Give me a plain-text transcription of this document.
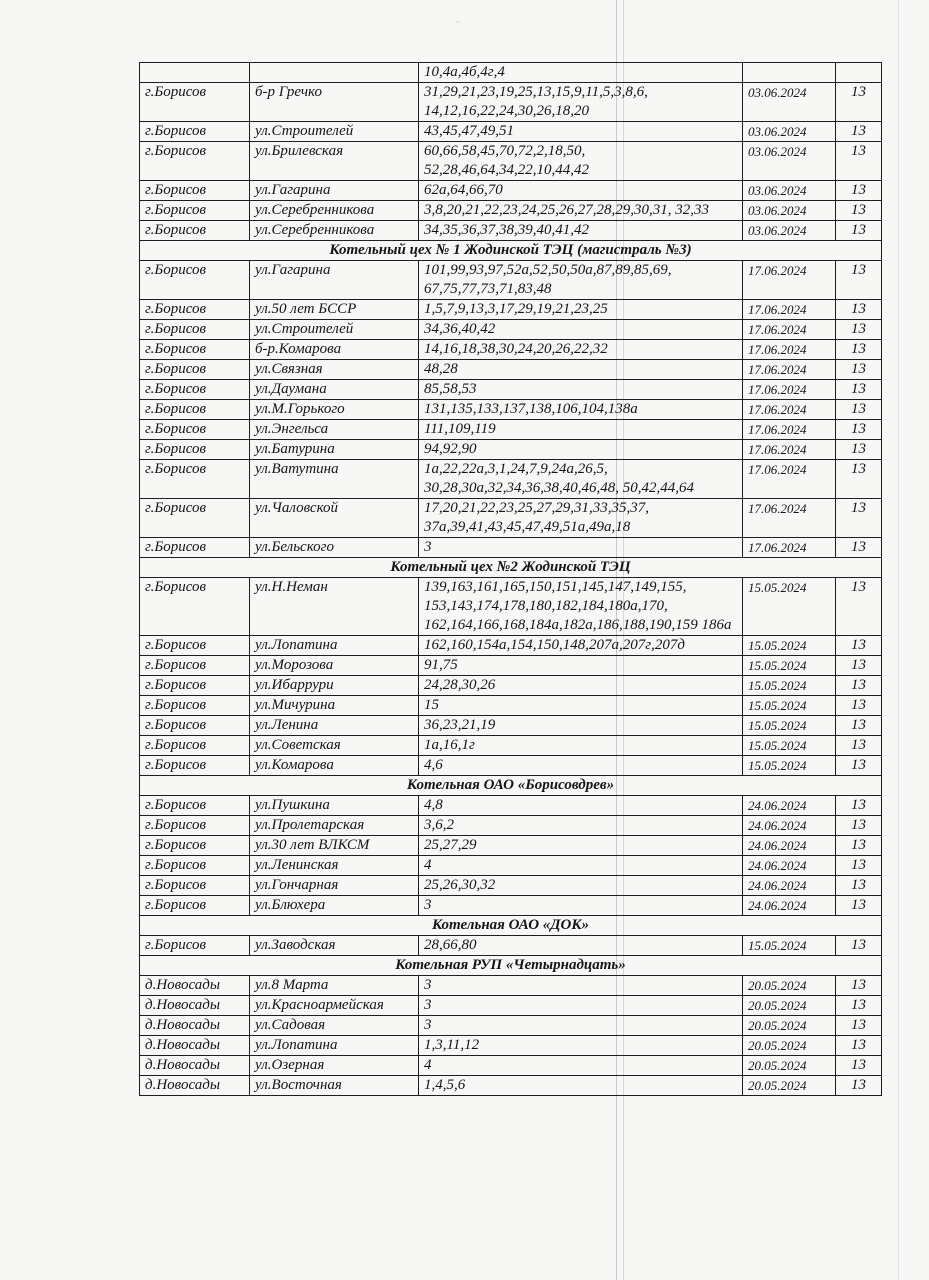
··
		10,4а,4б,4г,4		
г.Борисов	б-р Гречко	31,29,21,23,19,25,13,15,9,11,5,3,8,6, 14,12,16,22,24,30,26,18,20	03.06.2024	13
г.Борисов	ул.Строителей	43,45,47,49,51	03.06.2024	13
г.Борисов	ул.Брилевская	60,66,58,45,70,72,2,18,50, 52,28,46,64,34,22,10,44,42	03.06.2024	13
г.Борисов	ул.Гагарина	62а,64,66,70	03.06.2024	13
г.Борисов	ул.Серебренникова	3,8,20,21,22,23,24,25,26,27,28,29,30,31, 32,33	03.06.2024	13
г.Борисов	ул.Серебренникова	34,35,36,37,38,39,40,41,42	03.06.2024	13
Котельный цех № 1 Жодинской ТЭЦ (магистраль №3)				
г.Борисов	ул.Гагарина	101,99,93,97,52а,52,50,50а,87,89,85,69, 67,75,77,73,71,83,48	17.06.2024	13
г.Борисов	ул.50 лет БССР	1,5,7,9,13,3,17,29,19,21,23,25	17.06.2024	13
г.Борисов	ул.Строителей	34,36,40,42	17.06.2024	13
г.Борисов	б-р.Комарова	14,16,18,38,30,24,20,26,22,32	17.06.2024	13
г.Борисов	ул.Связная	48,28	17.06.2024	13
г.Борисов	ул.Даумана	85,58,53	17.06.2024	13
г.Борисов	ул.М.Горького	131,135,133,137,138,106,104,138а	17.06.2024	13
г.Борисов	ул.Энгельса	111,109,119	17.06.2024	13
г.Борисов	ул.Батурина	94,92,90	17.06.2024	13
г.Борисов	ул.Ватутина	1а,22,22а,3,1,24,7,9,24а,26,5, 30,28,30а,32,34,36,38,40,46,48, 50,42,44,64	17.06.2024	13
г.Борисов	ул.Чаловской	17,20,21,22,23,25,27,29,31,33,35,37, 37а,39,41,43,45,47,49,51а,49а,18	17.06.2024	13
г.Борисов	ул.Бельского	3	17.06.2024	13
Котельный цех №2 Жодинской ТЭЦ				
г.Борисов	ул.Н.Неман	139,163,161,165,150,151,145,147,149,155, 153,143,174,178,180,182,184,180а,170, 162,164,166,168,184а,182а,186,188,190,159 186а	15.05.2024	13
г.Борисов	ул.Лопатина	162,160,154а,154,150,148,207а,207г,207д	15.05.2024	13
г.Борисов	ул.Морозова	91,75	15.05.2024	13
г.Борисов	ул.Ибаррури	24,28,30,26	15.05.2024	13
г.Борисов	ул.Мичурина	15	15.05.2024	13
г.Борисов	ул.Ленина	36,23,21,19	15.05.2024	13
г.Борисов	ул.Советская	1а,16,1г	15.05.2024	13
г.Борисов	ул.Комарова	4,6	15.05.2024	13
Котельная ОАО «Борисовдрев»				
г.Борисов	ул.Пушкина	4,8	24.06.2024	13
г.Борисов	ул.Пролетарская	3,6,2	24.06.2024	13
г.Борисов	ул.30 лет ВЛКСМ	25,27,29	24.06.2024	13
г.Борисов	ул.Ленинская	4	24.06.2024	13
г.Борисов	ул.Гончарная	25,26,30,32	24.06.2024	13
г.Борисов	ул.Блюхера	3	24.06.2024	13
Котельная ОАО «ДОК»				
г.Борисов	ул.Заводская	28,66,80	15.05.2024	13
Котельная РУП «Четырнадцать»				
д.Новосады	ул.8 Марта	3	20.05.2024	13
д.Новосады	ул.Красноармейская	3	20.05.2024	13
д.Новосады	ул.Садовая	3	20.05.2024	13
д.Новосады	ул.Лопатина	1,3,11,12	20.05.2024	13
д.Новосады	ул.Озерная	4	20.05.2024	13
д.Новосады	ул.Восточная	1,4,5,6	20.05.2024	13
